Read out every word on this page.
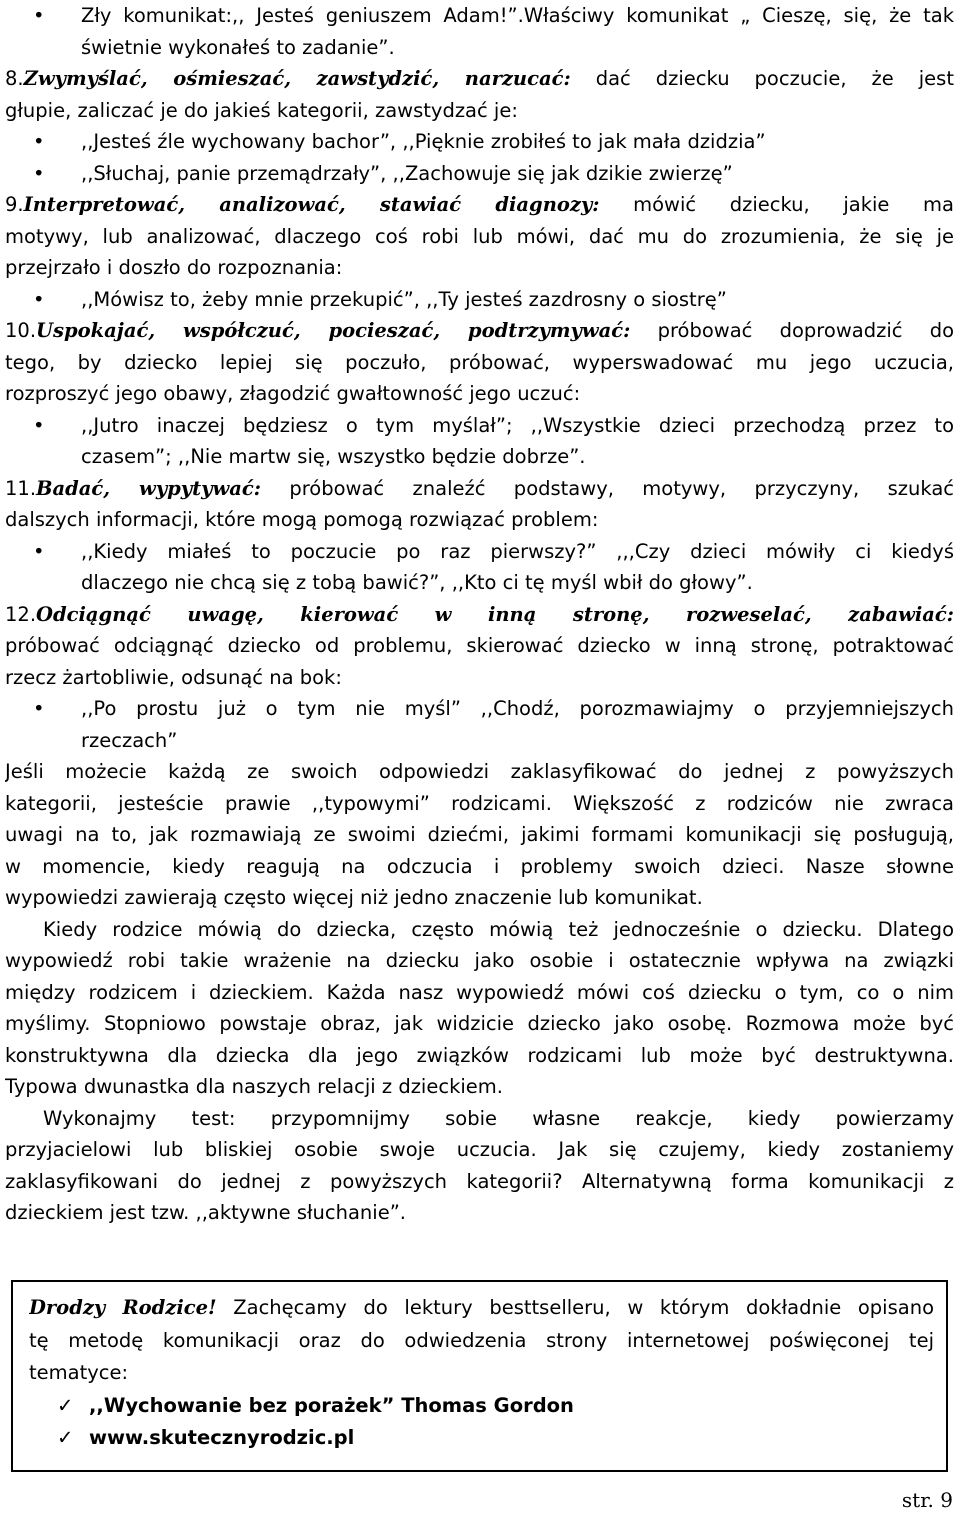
• Zły komunikat:,, Jesteś geniuszem Adam!”.Właściwy komunikat „ Cieszę, się, że tak
świetnie wykonałeś to zadanie”.
8.Zwymyślać, ośmieszać, zawstydzić, narzucać: dać dziecku poczucie, że jest
głupie, zaliczać je do jakieś kategorii, zawstydzać je:
• ,,Jesteś źle wychowany bachor”, ,,Pięknie zrobiłeś to jak mała dzidzia”
• ,,Słuchaj, panie przemądrzały”, ,,Zachowuje się jak dzikie zwierzę”
9.Interpretować, analizować, stawiać diagnozy: mówić dziecku, jakie ma
motywy, lub analizować, dlaczego coś robi lub mówi, dać mu do zrozumienia, że się je
przejrzało i doszło do rozpoznania:
• ,,Mówisz to, żeby mnie przekupić”, ,,Ty jesteś zazdrosny o siostrę”
10.Uspokajać, współczuć, pocieszać, podtrzymywać: próbować doprowadzić do
tego, by dziecko lepiej się poczuło, próbować, wyperswadować mu jego uczucia,
rozproszyć jego obawy, złagodzić gwałtowność jego uczuć:
• ,,Jutro inaczej będziesz o tym myślał”; ,,Wszystkie dzieci przechodzą przez to
czasem”; ,,Nie martw się, wszystko będzie dobrze”.
11.Badać, wypytywać: próbować znaleźć podstawy, motywy, przyczyny, szukać
dalszych informacji, które mogą pomogą rozwiązać problem:
• ,,Kiedy miałeś to poczucie po raz pierwszy?” ,,,Czy dzieci mówiły ci kiedyś
dlaczego nie chcą się z tobą bawić?”, ,,Kto ci tę myśl wbił do głowy”.
12.Odciągnąć uwagę, kierować w inną stronę, rozweselać, zabawiać:
próbować odciągnąć dziecko od problemu, skierować dziecko w inną stronę, potraktować
rzecz żartobliwie, odsunąć na bok:
• ,,Po prostu już o tym nie myśl” ,,Chodź, porozmawiajmy o przyjemniejszych
rzeczach”
Jeśli możecie każdą ze swoich odpowiedzi zaklasyfikować do jednej z powyższych
kategorii, jesteście prawie ,,typowymi” rodzicami. Większość z rodziców nie zwraca
uwagi na to, jak rozmawiają ze swoimi dziećmi, jakimi formami komunikacji się posługują,
w momencie, kiedy reagują na odczucia i problemy swoich dzieci. Nasze słowne
wypowiedzi zawierają często więcej niż jedno znaczenie lub komunikat.
Kiedy rodzice mówią do dziecka, często mówią też jednocześnie o dziecku. Dlatego
wypowiedź robi takie wrażenie na dziecku jako osobie i ostatecznie wpływa na związki
między rodzicem i dzieckiem. Każda nasz wypowiedź mówi coś dziecku o tym, co o nim
myślimy. Stopniowo powstaje obraz, jak widzicie dziecko jako osobę. Rozmowa może być
konstruktywna dla dziecka dla jego związków rodzicami lub może być destruktywna.
Typowa dwunastka dla naszych relacji z dzieckiem.
Wykonajmy test: przypomnijmy sobie własne reakcje, kiedy powierzamy
przyjacielowi lub bliskiej osobie swoje uczucia. Jak się czujemy, kiedy zostaniemy
zaklasyfikowani do jednej z powyższych kategorii? Alternatywną forma komunikacji z
dzieckiem jest tzw. ,,aktywne słuchanie”.
Drodzy Rodzice! Zachęcamy do lektury besttselleru, w którym dokładnie opisano
tę metodę komunikacji oraz do odwiedzenia strony internetowej poświęconej tej
tematyce:
✓ ,,Wychowanie bez porażek” Thomas Gordon
✓ www.skutecznyrodzic.pl
str. 9
